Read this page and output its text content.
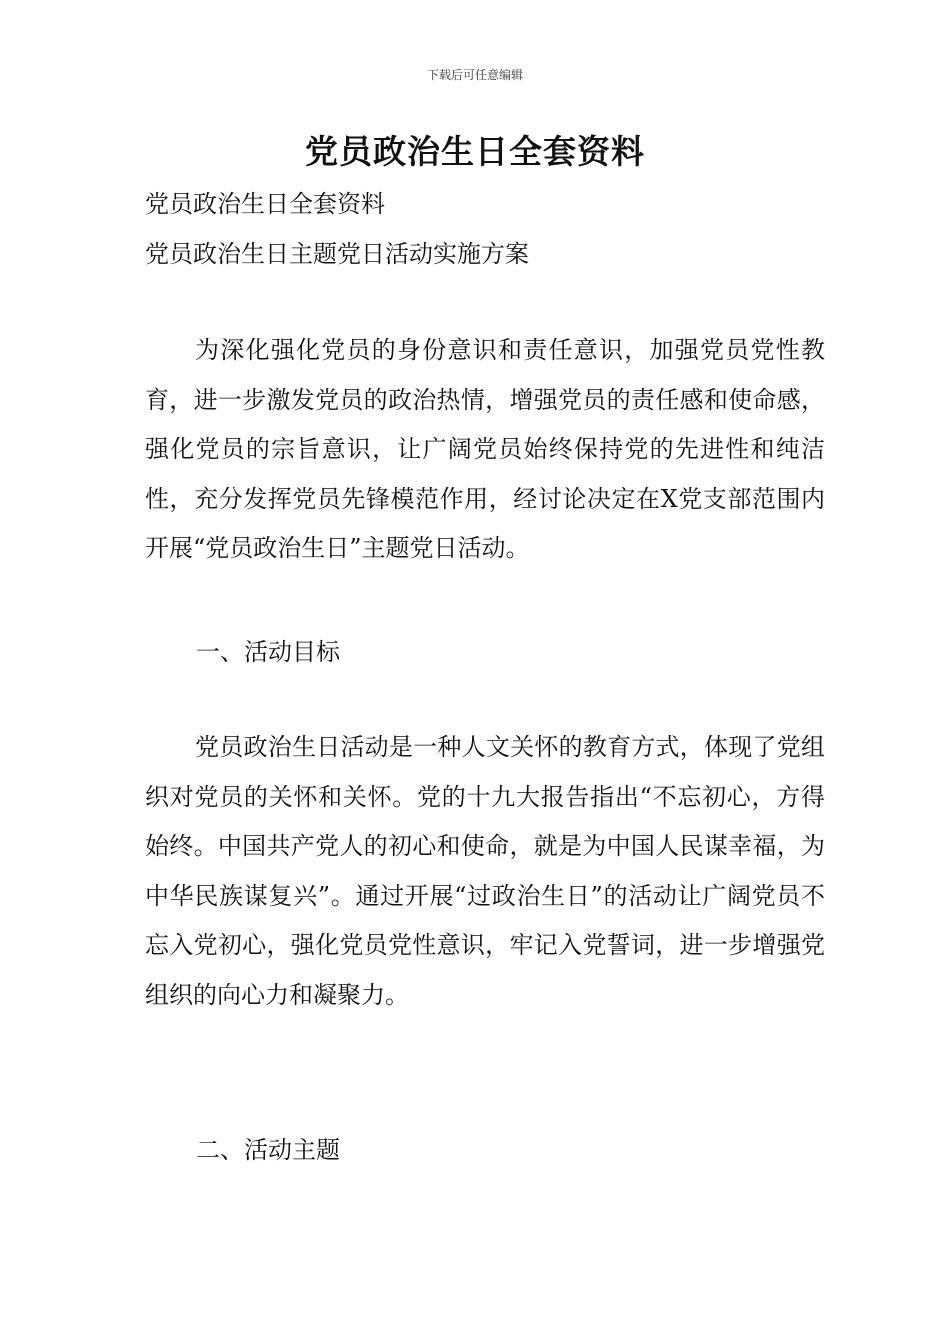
下载后可任意编辑
党员政治生日全套资料
党员政治生日全套资料
党员政治生日主题党日活动实施方案
为深化强化党员的身份意识和责任意识，加强党员党性教育，进一步激发党员的政治热情，增强党员的责任感和使命感，强化党员的宗旨意识，让广阔党员始终保持党的先进性和纯洁性，充分发挥党员先锋模范作用，经讨论决定在X党支部范围内开展“党员政治生日”主题党日活动。
一、活动目标
党员政治生日活动是一种人文关怀的教育方式，体现了党组织对党员的关怀和关怀。党的十九大报告指出“不忘初心，方得始终。中国共产党人的初心和使命，就是为中国人民谋幸福，为中华民族谋复兴”。通过开展“过政治生日”的活动让广阔党员不忘入党初心，强化党员党性意识，牢记入党誓词，进一步增强党组织的向心力和凝聚力。
二、活动主题
